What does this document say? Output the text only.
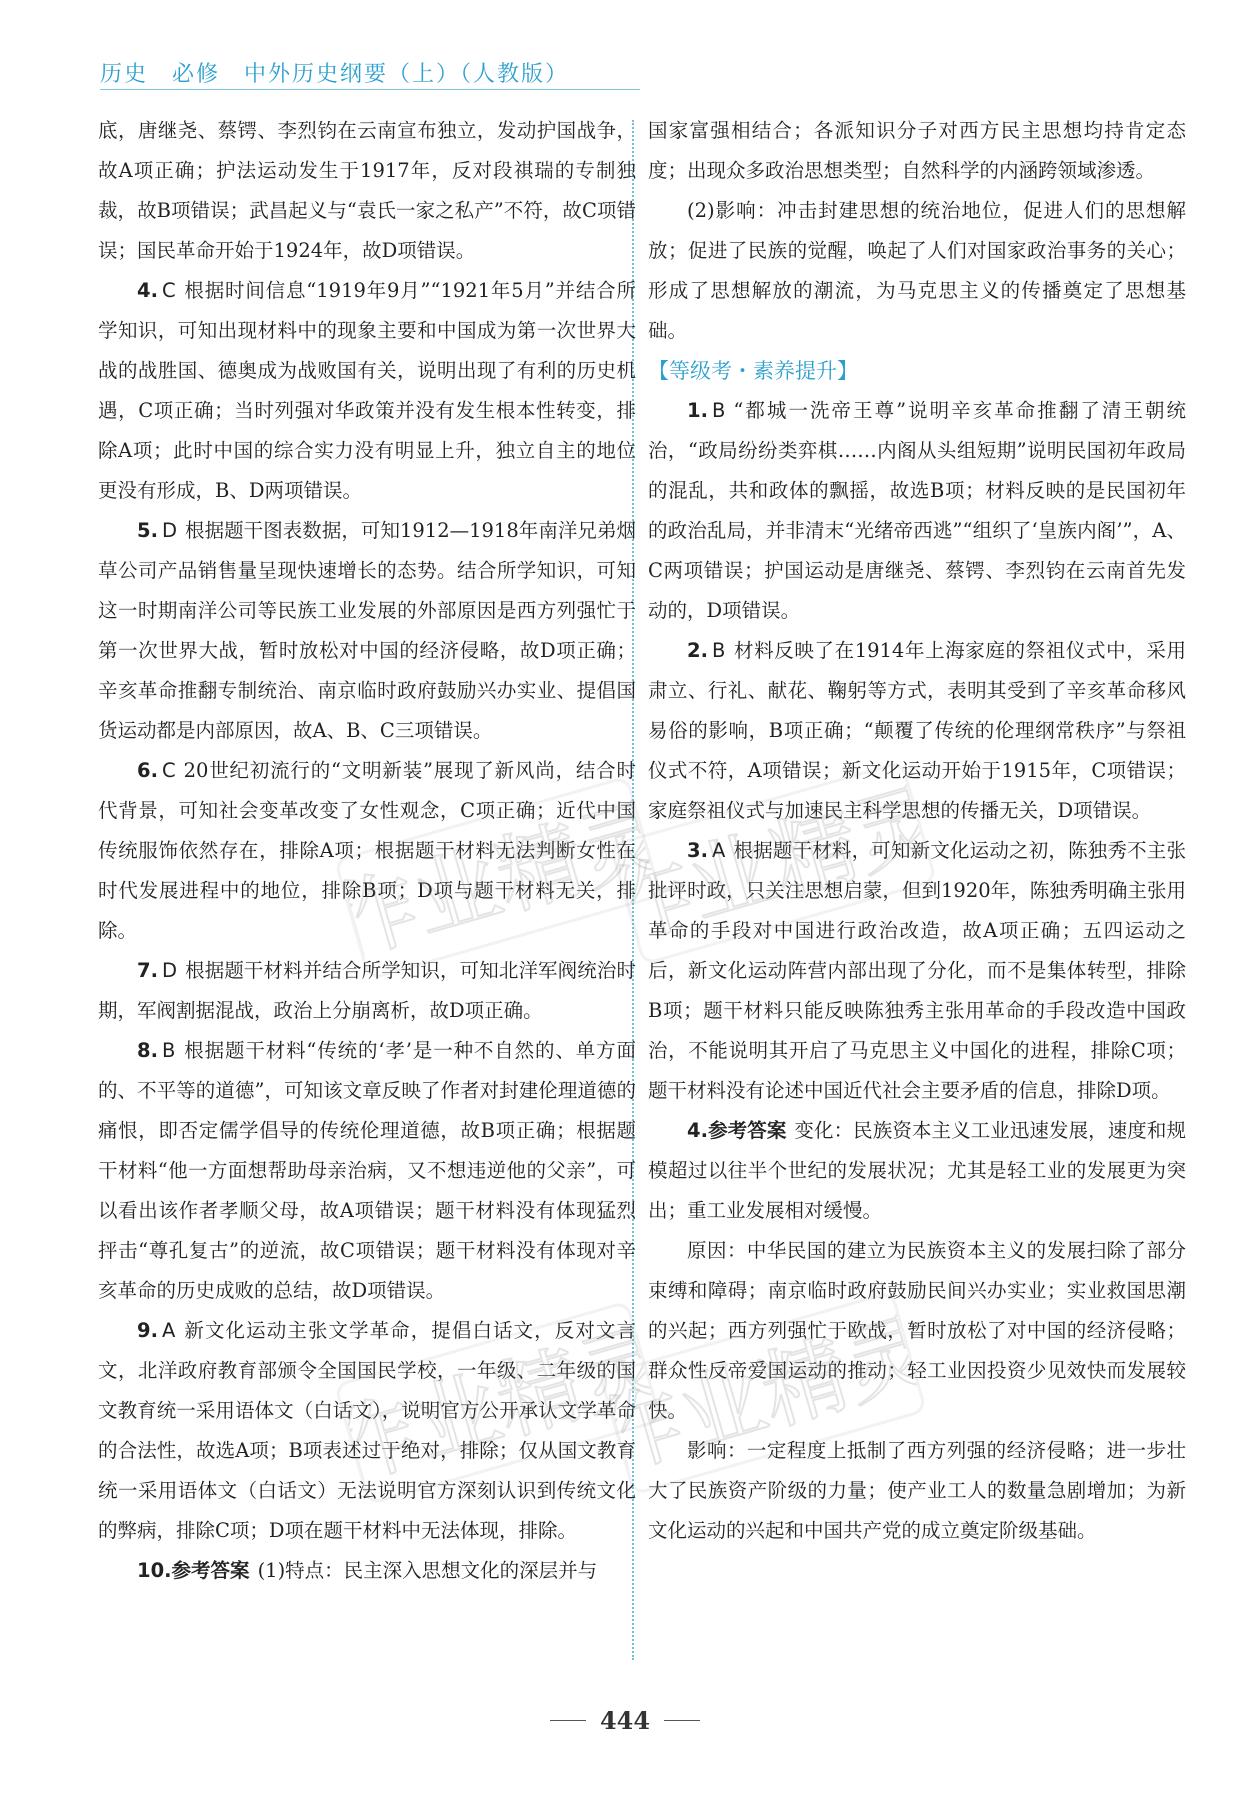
历史　必修　中外历史纲要（上）（人教版）

底，唐继尧、蔡锷、李烈钧在云南宣布独立，发动护国战争，故A项正确；护法运动发生于1917年，反对段祺瑞的专制独裁，故B项错误；武昌起义与“袁氏一家之私产”不符，故C项错误；国民革命开始于1924年，故D项错误。

4. C 根据时间信息“1919年9月”“1921年5月”并结合所学知识，可知出现材料中的现象主要和中国成为第一次世界大战的战胜国、德奥成为战败国有关，说明出现了有利的历史机遇，C项正确；当时列强对华政策并没有发生根本性转变，排除A项；此时中国的综合实力没有明显上升，独立自主的地位更没有形成，B、D两项错误。

5. D 根据题干图表数据，可知1912—1918年南洋兄弟烟草公司产品销售量呈现快速增长的态势。结合所学知识，可知这一时期南洋公司等民族工业发展的外部原因是西方列强忙于第一次世界大战，暂时放松对中国的经济侵略，故D项正确；辛亥革命推翻专制统治、南京临时政府鼓励兴办实业、提倡国货运动都是内部原因，故A、B、C三项错误。

6. C 20世纪初流行的“文明新装”展现了新风尚，结合时代背景，可知社会变革改变了女性观念，C项正确；近代中国传统服饰依然存在，排除A项；根据题干材料无法判断女性在时代发展进程中的地位，排除B项；D项与题干材料无关，排除。

7. D 根据题干材料并结合所学知识，可知北洋军阀统治时期，军阀割据混战，政治上分崩离析，故D项正确。

8. B 根据题干材料“传统的‘孝’是一种不自然的、单方面的、不平等的道德”，可知该文章反映了作者对封建伦理道德的痛恨，即否定儒学倡导的传统伦理道德，故B项正确；根据题干材料“他一方面想帮助母亲治病，又不想违逆他的父亲”，可以看出该作者孝顺父母，故A项错误；题干材料没有体现猛烈抨击“尊孔复古”的逆流，故C项错误；题干材料没有体现对辛亥革命的历史成败的总结，故D项错误。

9. A 新文化运动主张文学革命，提倡白话文，反对文言文，北洋政府教育部颁令全国国民学校，一年级、二年级的国文教育统一采用语体文（白话文），说明官方公开承认文学革命的合法性，故选A项；B项表述过于绝对，排除；仅从国文教育统一采用语体文（白话文）无法说明官方深刻认识到传统文化的弊病，排除C项；D项在题干材料中无法体现，排除。

10.参考答案 (1)特点：民主深入思想文化的深层并与

国家富强相结合；各派知识分子对西方民主思想均持肯定态度；出现众多政治思想类型；自然科学的内涵跨领域渗透。

(2)影响：冲击封建思想的统治地位，促进人们的思想解放；促进了民族的觉醒，唤起了人们对国家政治事务的关心；形成了思想解放的潮流，为马克思主义的传播奠定了思想基础。

【等级考・素养提升】

1. B “都城一洗帝王尊”说明辛亥革命推翻了清王朝统治，“政局纷纷类弈棋……内阁从头组短期”说明民国初年政局的混乱，共和政体的飘摇，故选B项；材料反映的是民国初年的政治乱局，并非清末“光绪帝西逃”“组织了‘皇族内阁’”，A、C两项错误；护国运动是唐继尧、蔡锷、李烈钧在云南首先发动的，D项错误。

2. B 材料反映了在1914年上海家庭的祭祖仪式中，采用肃立、行礼、献花、鞠躬等方式，表明其受到了辛亥革命移风易俗的影响，B项正确；“颠覆了传统的伦理纲常秩序”与祭祖仪式不符，A项错误；新文化运动开始于1915年，C项错误；家庭祭祖仪式与加速民主科学思想的传播无关，D项错误。

3. A 根据题干材料，可知新文化运动之初，陈独秀不主张批评时政，只关注思想启蒙，但到1920年，陈独秀明确主张用革命的手段对中国进行政治改造，故A项正确；五四运动之后，新文化运动阵营内部出现了分化，而不是集体转型，排除B项；题干材料只能反映陈独秀主张用革命的手段改造中国政治，不能说明其开启了马克思主义中国化的进程，排除C项；题干材料没有论述中国近代社会主要矛盾的信息，排除D项。

4.参考答案 变化：民族资本主义工业迅速发展，速度和规模超过以往半个世纪的发展状况；尤其是轻工业的发展更为突出；重工业发展相对缓慢。

原因：中华民国的建立为民族资本主义的发展扫除了部分束缚和障碍；南京临时政府鼓励民间兴办实业；实业救国思潮的兴起；西方列强忙于欧战，暂时放松了对中国的经济侵略；群众性反帝爱国运动的推动；轻工业因投资少见效快而发展较快。

影响：一定程度上抵制了西方列强的经济侵略；进一步壮大了民族资产阶级的力量；使产业工人的数量急剧增加；为新文化运动的兴起和中国共产党的成立奠定阶级基础。

作业精灵
作业精灵
作业精灵
作业精灵
444
